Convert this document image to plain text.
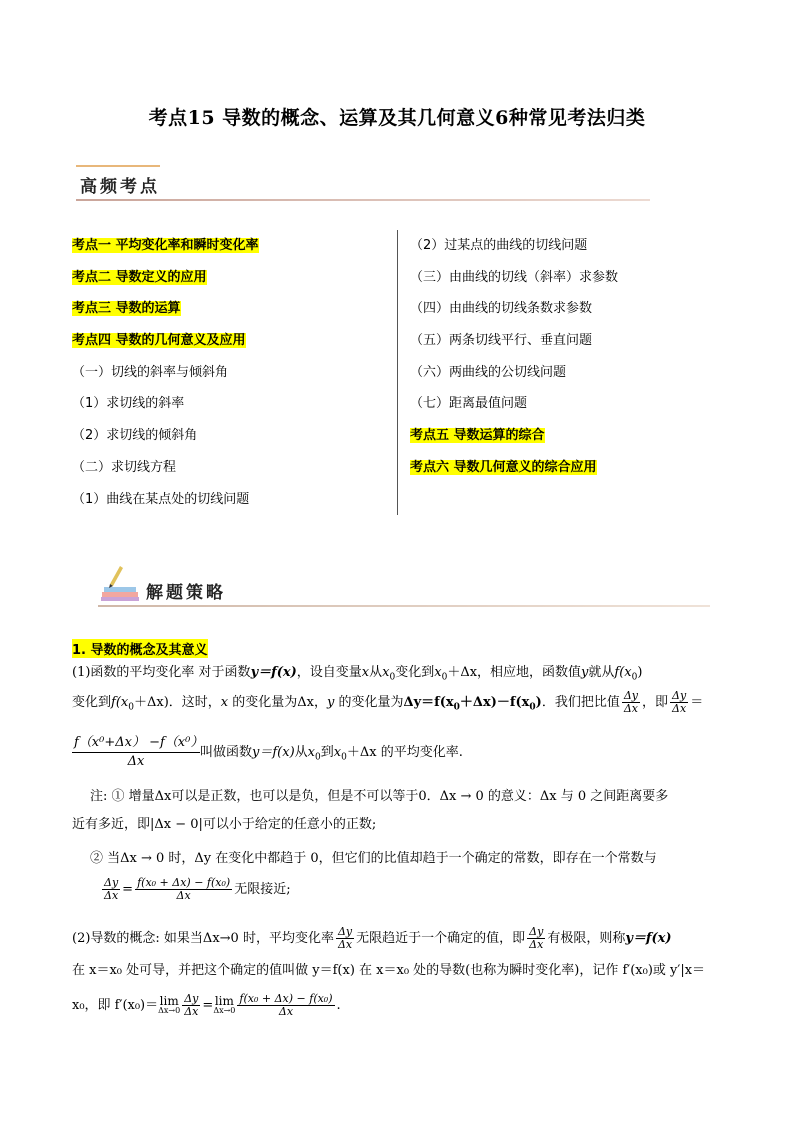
考点15 导数的概念、运算及其几何意义6种常见考法归类
高频考点
考点一 平均变化率和瞬时变化率
考点二 导数定义的应用
考点三 导数的运算
考点四 导数的几何意义及应用
（一）切线的斜率与倾斜角
（1）求切线的斜率
（2）求切线的倾斜角
（二）求切线方程
（1）曲线在某点处的切线问题
（2）过某点的曲线的切线问题
（三）由曲线的切线（斜率）求参数
（四）由曲线的切线条数求参数
（五）两条切线平行、垂直问题
（六）两曲线的公切线问题
（七）距离最值问题
考点五 导数运算的综合
考点六 导数几何意义的综合应用
解题策略
1. 导数的概念及其意义
(1)函数的平均变化率 对于函数y＝f(x)，设自变量x从$x_0$变化到$x_0+\Delta x$，相应地，函数值y就从$f(x_0)$
变化到$f(x_0+\Delta x)$．这时，x 的变化量为Δx，y 的变化量为$\Delta y=f(x_0+\Delta x)-f(x_0)$．我们把比值 $\frac{\Delta y}{\Delta x}$ ，即 $\frac{\Delta y}{\Delta x}$ ＝
$\frac{\text{f（x⁰+Δx） −f（x⁰）}}{\Delta x}$ 叫做函数y＝f(x)从$x_0$到$x_0+\Delta x$ 的平均变化率.
注: ① 增量Δx可以是正数，也可以是负，但是不可以等于0．Δx → 0 的意义：Δx 与 0 之间距离要多
近有多近，即|Δx − 0|可以小于给定的任意小的正数;
② 当Δx → 0 时，Δy 在变化中都趋于 0，但它们的比值却趋于一个确定的常数，即存在一个常数与
$\frac{\Delta y}{\Delta x} = \frac{\text{f(x₀ + Δx) − f(x₀)}}{\Delta x}$ 无限接近;
(2)导数的概念: 如果当Δx→0 时，平均变化率 $\frac{\Delta y}{\Delta x}$ 无限趋近于一个确定的值，即 $\frac{\Delta y}{\Delta x}$ 有极限，则称y＝f(x)
在 x＝x₀ 处可导，并把这个确定的值叫做 y＝f(x) 在 x＝x₀ 处的导数(也称为瞬时变化率)，记作 f′(x₀)或 y′|x＝
x₀，即 f′(x₀)＝ lim
$\Delta x\to 0 \frac{\Delta y}{\Delta x} = \lim$
$\Delta x\to 0 \frac{\text{f(x₀ + Δx) − f(x₀)}}{\Delta x}$ .
